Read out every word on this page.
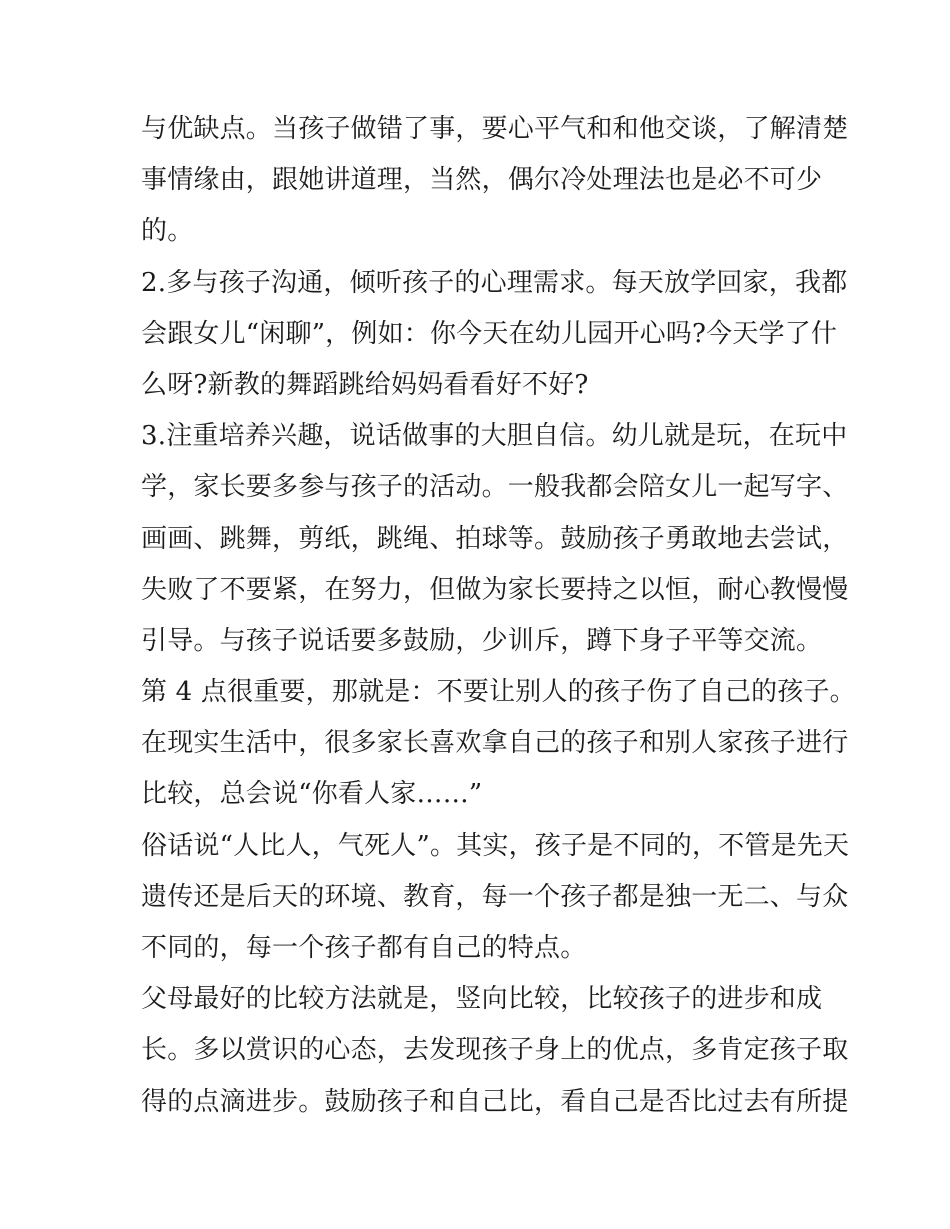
与优缺点。当孩子做错了事，要心平气和和他交谈，了解清楚
事情缘由，跟她讲道理，当然，偶尔冷处理法也是必不可少
的。
2.多与孩子沟通，倾听孩子的心理需求。每天放学回家，我都
会跟女儿“闲聊”，例如：你今天在幼儿园开心吗?今天学了什
么呀?新教的舞蹈跳给妈妈看看好不好?
3.注重培养兴趣，说话做事的大胆自信。幼儿就是玩，在玩中
学，家长要多参与孩子的活动。一般我都会陪女儿一起写字、
画画、跳舞，剪纸，跳绳、拍球等。鼓励孩子勇敢地去尝试，
失败了不要紧，在努力，但做为家长要持之以恒，耐心教慢慢
引导。与孩子说话要多鼓励，少训斥，蹲下身子平等交流。
第 4 点很重要，那就是：不要让别人的孩子伤了自己的孩子。
在现实生活中，很多家长喜欢拿自己的孩子和别人家孩子进行
比较，总会说“你看人家……”
俗话说“人比人，气死人”。其实，孩子是不同的，不管是先天
遗传还是后天的环境、教育，每一个孩子都是独一无二、与众
不同的，每一个孩子都有自己的特点。
父母最好的比较方法就是，竖向比较，比较孩子的进步和成
长。多以赏识的心态，去发现孩子身上的优点，多肯定孩子取
得的点滴进步。鼓励孩子和自己比，看自己是否比过去有所提
